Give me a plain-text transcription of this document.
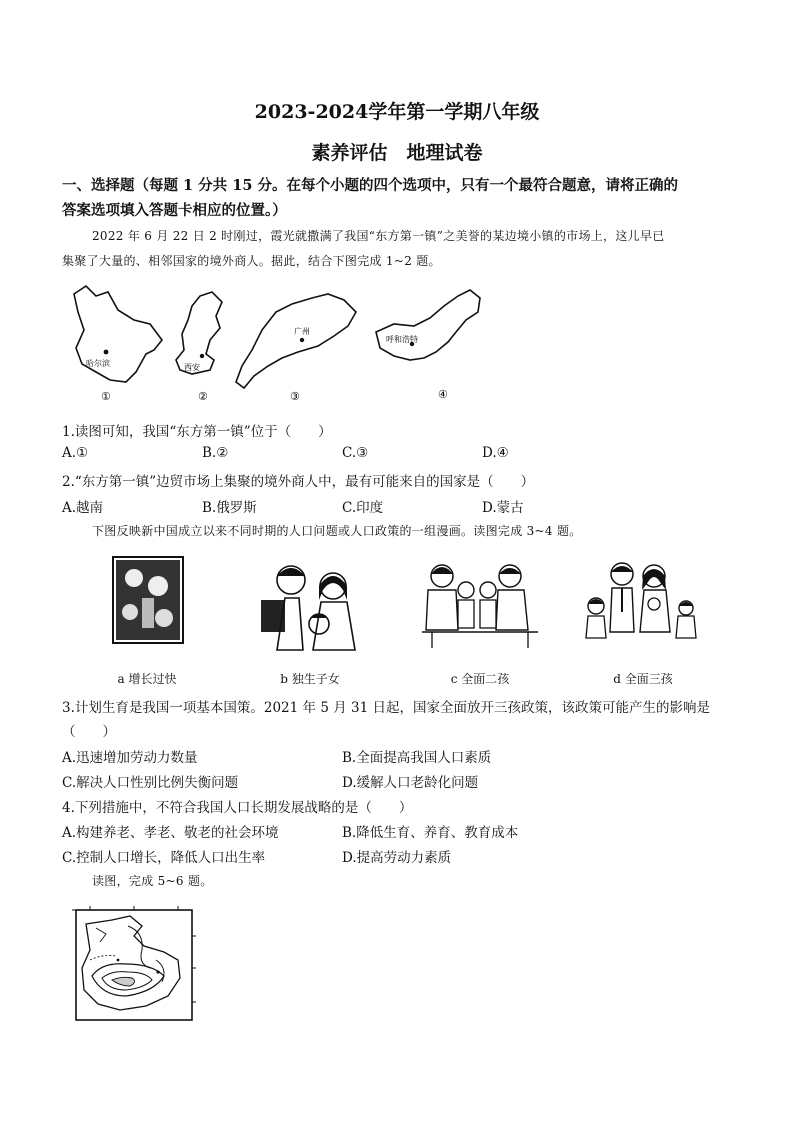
2023-2024学年第一学期八年级
素养评估　地理试卷
一、选择题（每题 1 分共 15 分。在每个小题的四个选项中，只有一个最符合题意，请将正确的
答案选项填入答题卡相应的位置。）
2022 年 6 月 22 日 2 时刚过，霞光就撒满了我国“东方第一镇”之美誉的某边境小镇的市场上，这儿早已
集聚了大量的、相邻国家的境外商人。据此，结合下图完成 1~2 题。
哈尔滨
①
西安
②
广州
③
呼和浩特
④
1.读图可知，我国“东方第一镇”位于（　　）
A.①	B.②	C.③	D.④
2.“东方第一镇”边贸市场上集聚的境外商人中，最有可能来自的国家是（　　）
A.越南	B.俄罗斯	C.印度	D.蒙古
下图反映新中国成立以来不同时期的人口问题或人口政策的一组漫画。读图完成 3~4 题。
a 增长过快	b 独生子女	c 全面二孩	d 全面三孩
3.计划生育是我国一项基本国策。2021 年 5 月 31 日起，国家全面放开三孩政策，该政策可能产生的影响是
（　　）
A.迅速增加劳动力数量	B.全面提高我国人口素质
C.解决人口性别比例失衡问题	D.缓解人口老龄化问题
4.下列措施中，不符合我国人口长期发展战略的是（　　）
A.构建养老、孝老、敬老的社会环境	B.降低生育、养育、教育成本
C.控制人口增长，降低人口出生率	D.提高劳动力素质
读图，完成 5~6 题。
